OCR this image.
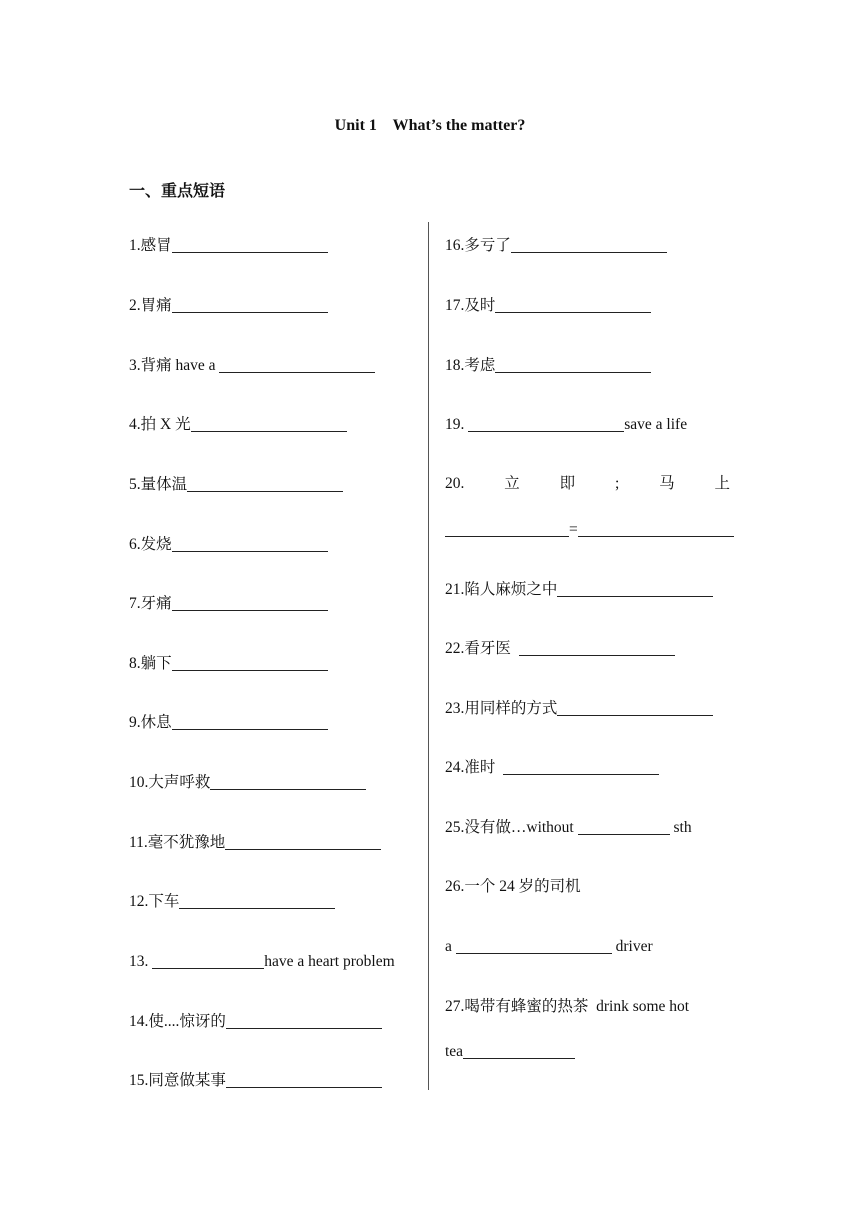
Unit 1    What’s the matter?
一、重点短语
1.感冒
2.胃痛
3.背痛 have a
4.拍 X 光
5.量体温
6.发烧
7.牙痛
8.躺下
9.休息
10.大声呼救
11.毫不犹豫地
12.下车
13.	have a heart problem
14.使....惊讶的
15.同意做某事
16.多亏了
17.及时
18.考虑
19.	save a life
20.	立	即	;	马	上
=
21.陷人麻烦之中
22.看牙医
23.用同样的方式
24.准时
25.没有做…without	sth
26.一个 24 岁的司机
a	driver
27.喝带有蜂蜜的热茶  drink some hot
tea
